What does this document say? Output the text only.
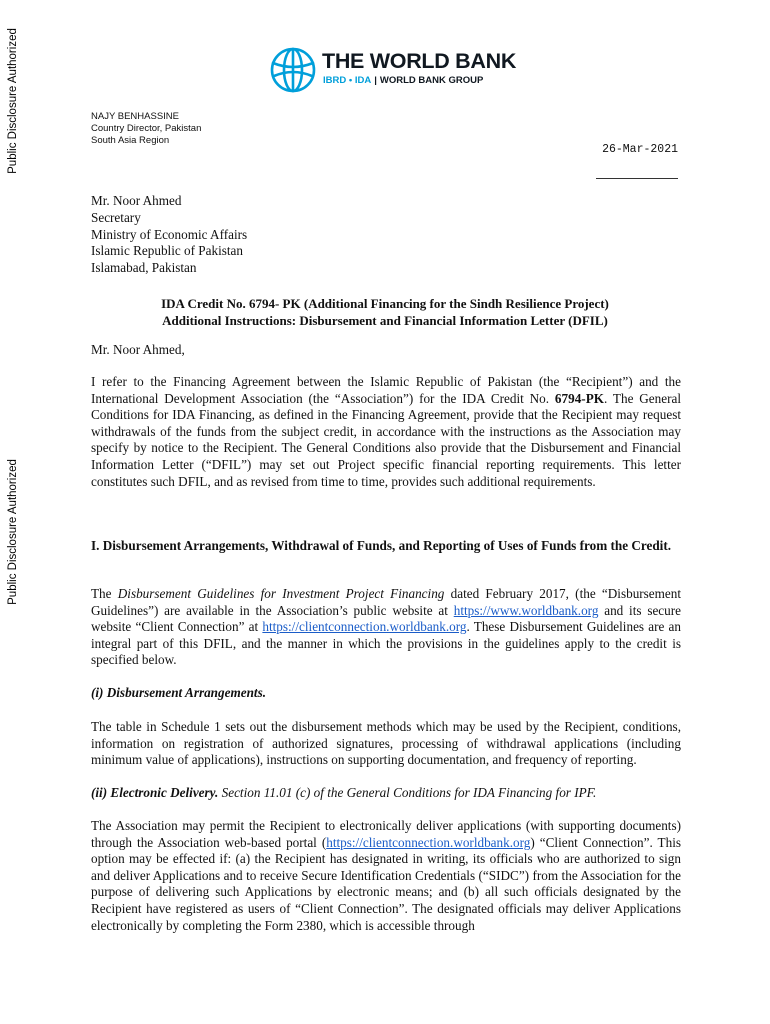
Public Disclosure Authorized
Public Disclosure Authorized
THE WORLD BANK
IBRD • IDA | WORLD BANK GROUP
NAJY BENHASSINE
Country Director, Pakistan
South Asia Region
26-Mar-2021
Mr. Noor Ahmed
Secretary
Ministry of Economic Affairs
Islamic Republic of Pakistan
Islamabad, Pakistan
IDA Credit No. 6794- PK (Additional Financing for the Sindh Resilience Project)
Additional Instructions: Disbursement and Financial Information Letter (DFIL)
Mr. Noor Ahmed,

I refer to the Financing Agreement between the Islamic Republic of Pakistan (the “Recipient”) and the International Development Association (the “Association”) for the IDA Credit No. 6794-PK. The General Conditions for IDA Financing, as defined in the Financing Agreement, provide that the Recipient may request withdrawals of the funds from the subject credit, in accordance with the instructions as the Association may specify by notice to the Recipient. The General Conditions also provide that the Disbursement and Financial Information Letter (“DFIL”) may set out Project specific financial reporting requirements. This letter constitutes such DFIL, and as revised from time to time, provides such additional requirements.

I. Disbursement Arrangements, Withdrawal of Funds, and Reporting of Uses of Funds from the Credit.

The Disbursement Guidelines for Investment Project Financing dated February 2017, (the “Disbursement Guidelines”) are available in the Association’s public website at https://www.worldbank.org and its secure website “Client Connection” at https://clientconnection.worldbank.org. These Disbursement Guidelines are an integral part of this DFIL, and the manner in which the provisions in the guidelines apply to the credit is specified below.

(i) Disbursement Arrangements.

The table in Schedule 1 sets out the disbursement methods which may be used by the Recipient, conditions, information on registration of authorized signatures, processing of withdrawal applications (including minimum value of applications), instructions on supporting documentation, and frequency of reporting.

(ii) Electronic Delivery. Section 11.01 (c) of the General Conditions for IDA Financing for IPF.

The Association may permit the Recipient to electronically deliver applications (with supporting documents) through the Association web-based portal (https://clientconnection.worldbank.org) “Client Connection”. This option may be effected if: (a) the Recipient has designated in writing, its officials who are authorized to sign and deliver Applications and to receive Secure Identification Credentials (“SIDC”) from the Association for the purpose of delivering such Applications by electronic means; and (b) all such officials designated by the Recipient have registered as users of “Client Connection”. The designated officials may deliver Applications electronically by completing the Form 2380, which is accessible through
